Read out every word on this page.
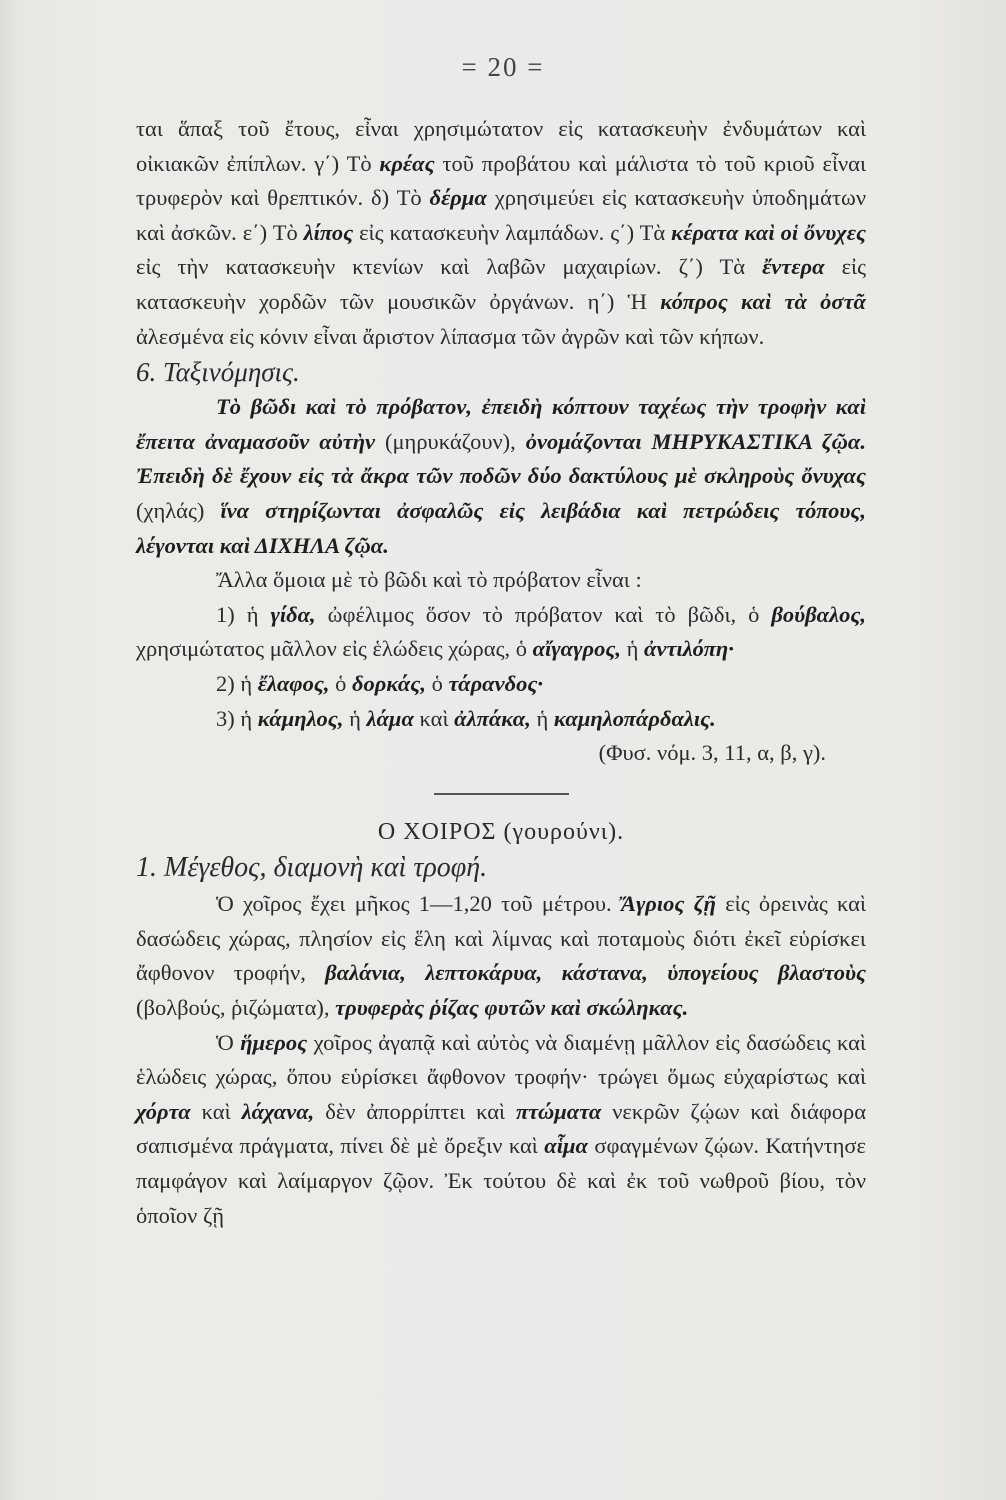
= 20 =

ται ἅπαξ τοῦ ἔτους, εἶναι χρησιμώτατον εἰς κατασκευὴν ἐνδυμάτων καὶ οἰκιακῶν ἐπίπλων. γ΄) Τὸ κρέας τοῦ προβάτου καὶ μάλιστα τὸ τοῦ κριοῦ εἶναι τρυφερὸν καὶ θρεπτικόν. δ) Τὸ δέρμα χρησιμεύει εἰς κατασκευὴν ὑποδημάτων καὶ ἀσκῶν. ε΄) Τὸ λίπος εἰς κατασκευὴν λαμπάδων. ς΄) Τὰ κέρατα καὶ οἱ ὄνυχες εἰς τὴν κατασκευὴν κτενίων καὶ λαβῶν μαχαιρίων. ζ΄) Τὰ ἔντερα εἰς κατασκευὴν χορδῶν τῶν μουσικῶν ὀργάνων. η΄) Ἡ κόπρος καὶ τὰ ὀστᾶ ἀλεσμένα εἰς κόνιν εἶναι ἄριστον λίπασμα τῶν ἀγρῶν καὶ τῶν κήπων.

6. Ταξινόμησις.

Τὸ βῶδι καὶ τὸ πρόβατον, ἐπειδὴ κόπτουν ταχέως τὴν τροφὴν καὶ ἔπειτα ἀναμασοῦν αὐτὴν (μηρυκάζουν), ὀνομάζονται ΜΗΡΥΚΑΣΤΙΚΑ ζῷα. Ἐπειδὴ δὲ ἔχουν εἰς τὰ ἄκρα τῶν ποδῶν δύο δακτύλους μὲ σκληροὺς ὄνυχας (χηλάς) ἵνα στηρίζωνται ἀσφαλῶς εἰς λειβάδια καὶ πετρώδεις τόπους, λέγονται καὶ ΔΙΧΗΛΑ ζῷα.

Ἄλλα ὅμοια μὲ τὸ βῶδι καὶ τὸ πρόβατον εἶναι :

1) ἡ γίδα, ὠφέλιμος ὅσον τὸ πρόβατον καὶ τὸ βῶδι, ὁ βούβαλος, χρησιμώτατος μᾶλλον εἰς ἑλώδεις χώρας, ὁ αἴγαγρος, ἡ ἀντιλόπη·

2) ἡ ἔλαφος, ὁ δορκάς, ὁ τάρανδος·

3) ἡ κάμηλος, ἡ λάμα καὶ ἀλπάκα, ἡ καμηλοπάρδαλις.

(Φυσ. νόμ. 3, 11, α, β, γ).

Ο ΧΟΙΡΟΣ (γουρούνι).

1. Μέγεθος, διαμονὴ καὶ τροφή.

Ὁ χοῖρος ἔχει μῆκος 1—1,20 τοῦ μέτρου. Ἄγριος ζῇ εἰς ὀρεινὰς καὶ δασώδεις χώρας, πλησίον εἰς ἕλη καὶ λίμνας καὶ ποταμοὺς διότι ἐκεῖ εὑρίσκει ἄφθονον τροφήν, βαλάνια, λεπτοκάρυα, κάστανα, ὑπογείους βλαστοὺς (βολβούς, ῥιζώματα), τρυφερὰς ῥίζας φυτῶν καὶ σκώληκας.

Ὁ ἥμερος χοῖρος ἀγαπᾷ καὶ αὐτὸς νὰ διαμένῃ μᾶλλον εἰς δασώδεις καὶ ἑλώδεις χώρας, ὅπου εὑρίσκει ἄφθονον τροφήν· τρώγει ὅμως εὐχαρίστως καὶ χόρτα καὶ λάχανα, δὲν ἀπορρίπτει καὶ πτώματα νεκρῶν ζῴων καὶ διάφορα σαπισμένα πράγματα, πίνει δὲ μὲ ὄρεξιν καὶ αἷμα σφαγμένων ζῴων. Κατήντησε παμφάγον καὶ λαίμαργον ζῷον. Ἐκ τούτου δὲ καὶ ἐκ τοῦ νωθροῦ βίου, τὸν ὁποῖον ζῇ
